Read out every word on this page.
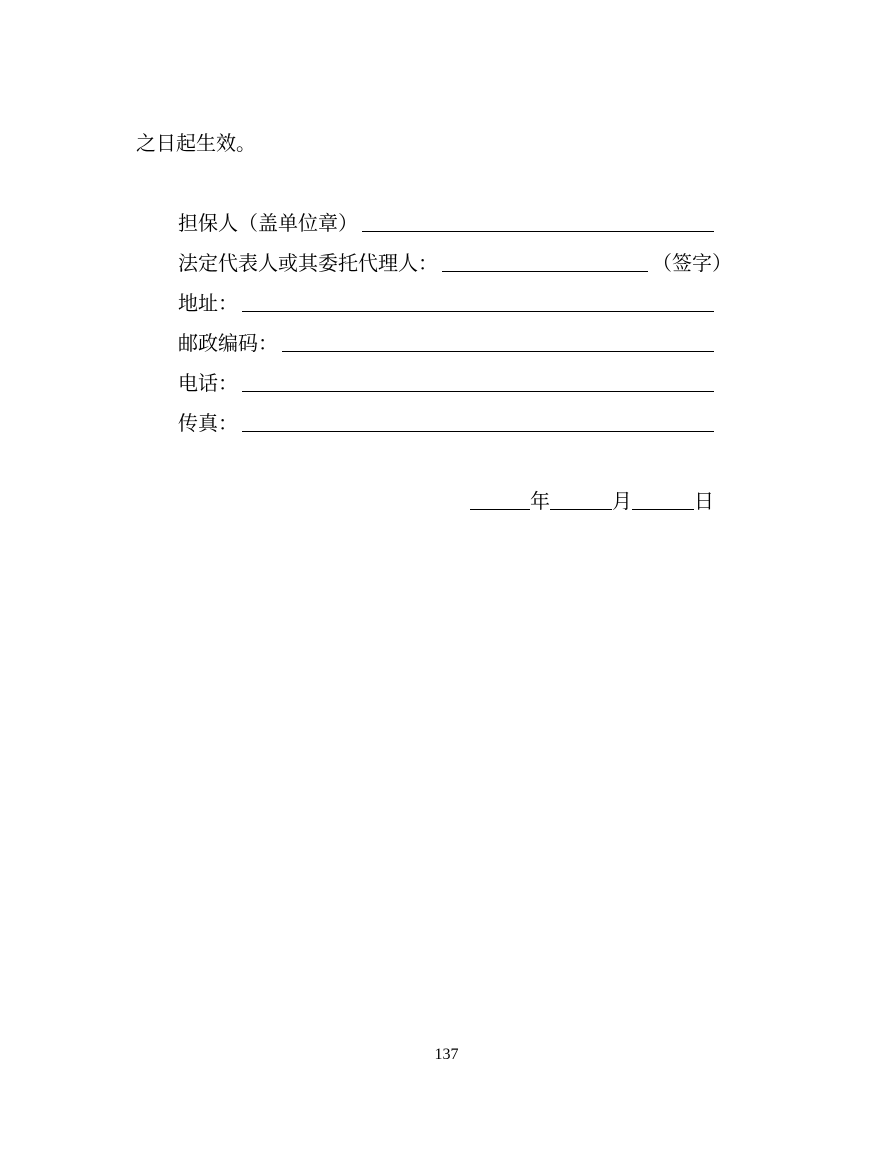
之日起生效。
担保人（盖单位章）
法定代表人或其委托代理人：	（签字）
地址：
邮政编码：
电话：
传真：
年	月	日
137
